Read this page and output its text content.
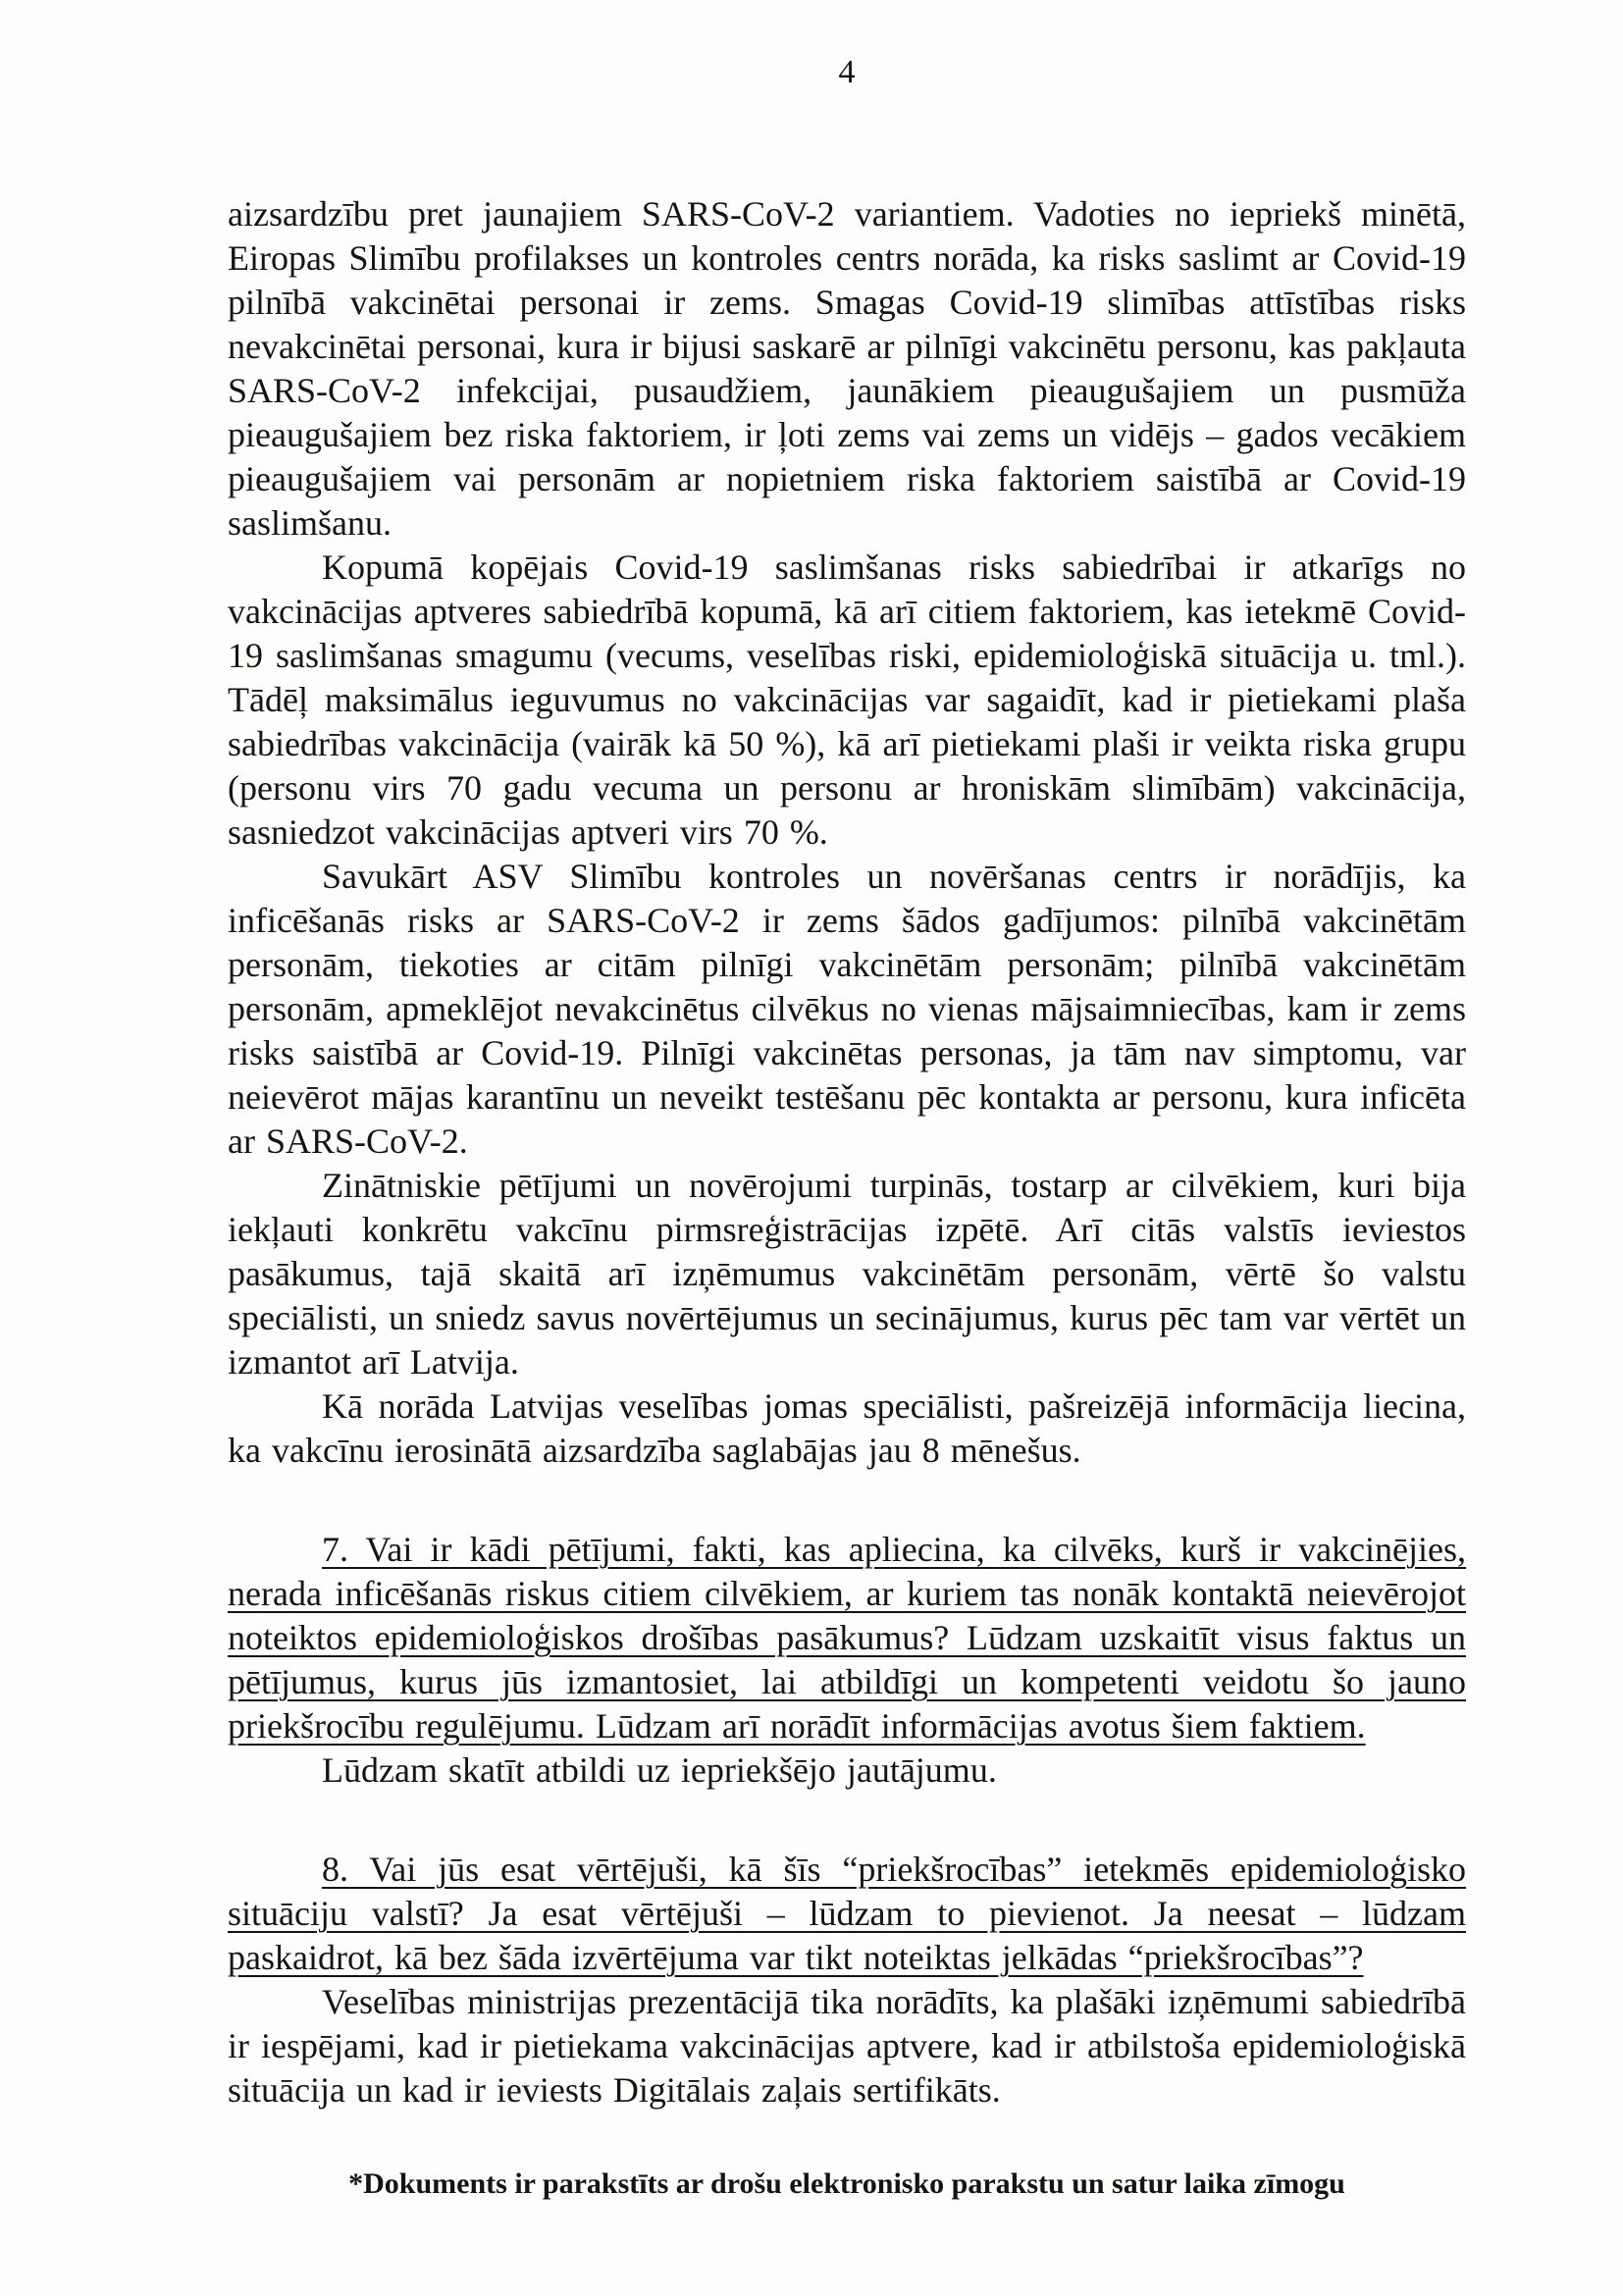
4

aizsardzību pret jaunajiem SARS-CoV-2 variantiem. Vadoties no iepriekš minētā, Eiropas Slimību profilakses un kontroles centrs norāda, ka risks saslimt ar Covid-19 pilnībā vakcinētai personai ir zems. Smagas Covid-19 slimības attīstības risks nevakcinētai personai, kura ir bijusi saskarē ar pilnīgi vakcinētu personu, kas pakļauta SARS-CoV-2 infekcijai, pusaudžiem, jaunākiem pieaugušajiem un pusmūža pieaugušajiem bez riska faktoriem, ir ļoti zems vai zems un vidējs – gados vecākiem pieaugušajiem vai personām ar nopietniem riska faktoriem saistībā ar Covid-19 saslimšanu.

Kopumā kopējais Covid-19 saslimšanas risks sabiedrībai ir atkarīgs no vakcinācijas aptveres sabiedrībā kopumā, kā arī citiem faktoriem, kas ietekmē Covid-19 saslimšanas smagumu (vecums, veselības riski, epidemioloģiskā situācija u. tml.). Tādēļ maksimālus ieguvumus no vakcinācijas var sagaidīt, kad ir pietiekami plaša sabiedrības vakcinācija (vairāk kā 50 %), kā arī pietiekami plaši ir veikta riska grupu (personu virs 70 gadu vecuma un personu ar hroniskām slimībām) vakcinācija, sasniedzot vakcinācijas aptveri virs 70 %.

Savukārt ASV Slimību kontroles un novēršanas centrs ir norādījis, ka inficēšanās risks ar SARS-CoV-2 ir zems šādos gadījumos: pilnībā vakcinētām personām, tiekoties ar citām pilnīgi vakcinētām personām; pilnībā vakcinētām personām, apmeklējot nevakcinētus cilvēkus no vienas mājsaimniecības, kam ir zems risks saistībā ar Covid-19. Pilnīgi vakcinētas personas, ja tām nav simptomu, var neievērot mājas karantīnu un neveikt testēšanu pēc kontakta ar personu, kura inficēta ar SARS-CoV-2.

Zinātniskie pētījumi un novērojumi turpinās, tostarp ar cilvēkiem, kuri bija iekļauti konkrētu vakcīnu pirmsreģistrācijas izpētē. Arī citās valstīs ieviestos pasākumus, tajā skaitā arī izņēmumus vakcinētām personām, vērtē šo valstu speciālisti, un sniedz savus novērtējumus un secinājumus, kurus pēc tam var vērtēt un izmantot arī Latvija.

Kā norāda Latvijas veselības jomas speciālisti, pašreizējā informācija liecina, ka vakcīnu ierosinātā aizsardzība saglabājas jau 8 mēnešus.

7. Vai ir kādi pētījumi, fakti, kas apliecina, ka cilvēks, kurš ir vakcinējies, nerada inficēšanās riskus citiem cilvēkiem, ar kuriem tas nonāk kontaktā neievērojot noteiktos epidemioloģiskos drošības pasākumus? Lūdzam uzskaitīt visus faktus un pētījumus, kurus jūs izmantosiet, lai atbildīgi un kompetenti veidotu šo jauno priekšrocību regulējumu. Lūdzam arī norādīt informācijas avotus šiem faktiem.

Lūdzam skatīt atbildi uz iepriekšējo jautājumu.

8. Vai jūs esat vērtējuši, kā šīs “priekšrocības” ietekmēs epidemioloģisko situāciju valstī? Ja esat vērtējuši – lūdzam to pievienot. Ja neesat – lūdzam paskaidrot, kā bez šāda izvērtējuma var tikt noteiktas jelkādas “priekšrocības”?

Veselības ministrijas prezentācijā tika norādīts, ka plašāki izņēmumi sabiedrībā ir iespējami, kad ir pietiekama vakcinācijas aptvere, kad ir atbilstoša epidemioloģiskā situācija un kad ir ieviests Digitālais zaļais sertifikāts.

*Dokuments ir parakstīts ar drošu elektronisko parakstu un satur laika zīmogu
